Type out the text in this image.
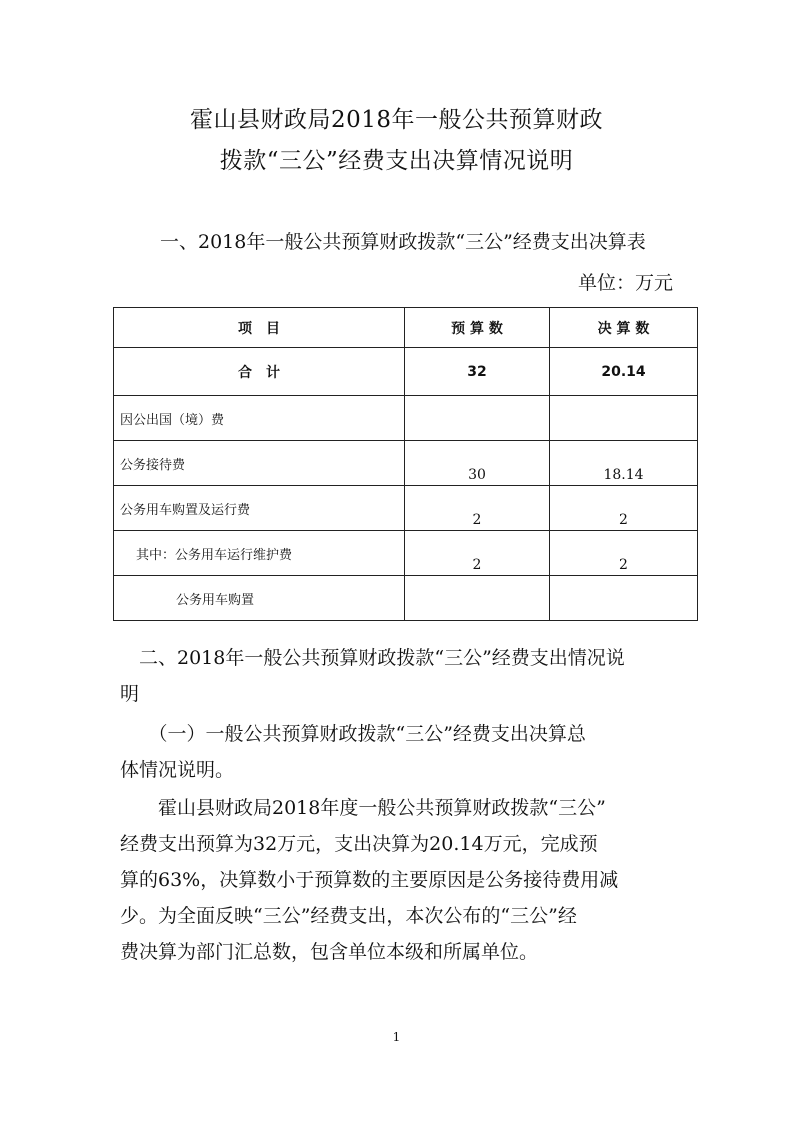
霍山县财政局2018年一般公共预算财政
拨款“三公”经费支出决算情况说明
一、2018年一般公共预算财政拨款“三公”经费支出决算表
单位：万元
项　目	预 算 数	决 算 数
合　计	32	20.14
因公出国（境）费		
公务接待费	30	18.14
公务用车购置及运行费	2	2
其中：公务用车运行维护费	2	2
公务用车购置		
　二、2018年一般公共预算财政拨款“三公”经费支出情况说
明
　　（一）一般公共预算财政拨款“三公”经费支出决算总
体情况说明。
　　霍山县财政局2018年度一般公共预算财政拨款“三公”
经费支出预算为32万元，支出决算为20.14万元，完成预
算的63%，决算数小于预算数的主要原因是公务接待费用减
少。为全面反映“三公”经费支出，本次公布的“三公”经
费决算为部门汇总数，包含单位本级和所属单位。
1
